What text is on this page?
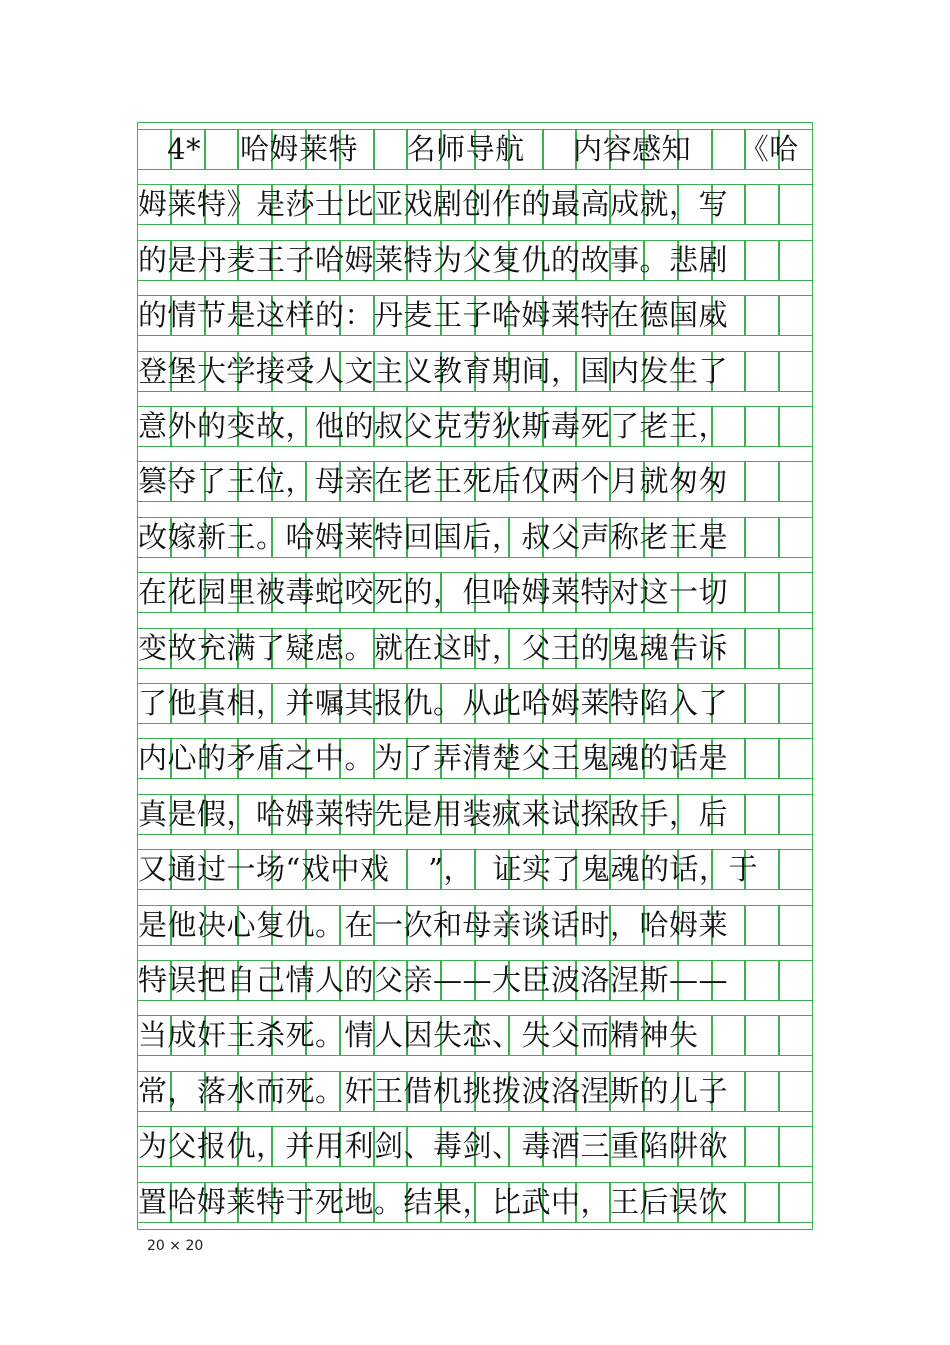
4*    哈姆莱特     名师导航     内容感知     《哈
姆莱特》是莎士比亚戏剧创作的最高成就，写
的是丹麦王子哈姆莱特为父复仇的故事。悲剧
的情节是这样的：丹麦王子哈姆莱特在德国威
登堡大学接受人文主义教育期间，国内发生了
意外的变故，他的叔父克劳狄斯毒死了老王，
篡夺了王位，母亲在老王死后仅两个月就匆匆
改嫁新王。哈姆莱特回国后，叔父声称老王是
在花园里被毒蛇咬死的，但哈姆莱特对这一切
变故充满了疑虑。就在这时，父王的鬼魂告诉
了他真相，并嘱其报仇。从此哈姆莱特陷入了
内心的矛盾之中。为了弄清楚父王鬼魂的话是
真是假，哈姆莱特先是用装疯来试探敌手，后
又通过一场“戏中戏    ”，  证实了鬼魂的话，于
是他决心复仇。在一次和母亲谈话时，哈姆莱
特误把自己情人的父亲——大臣波洛涅斯——
当成奸王杀死。情人因失恋、失父而精神失
常，落水而死。奸王借机挑拨波洛涅斯的儿子
为父报仇，并用利剑、毒剑、毒酒三重陷阱欲
置哈姆莱特于死地。结果，比武中，王后误饮
20 × 20
